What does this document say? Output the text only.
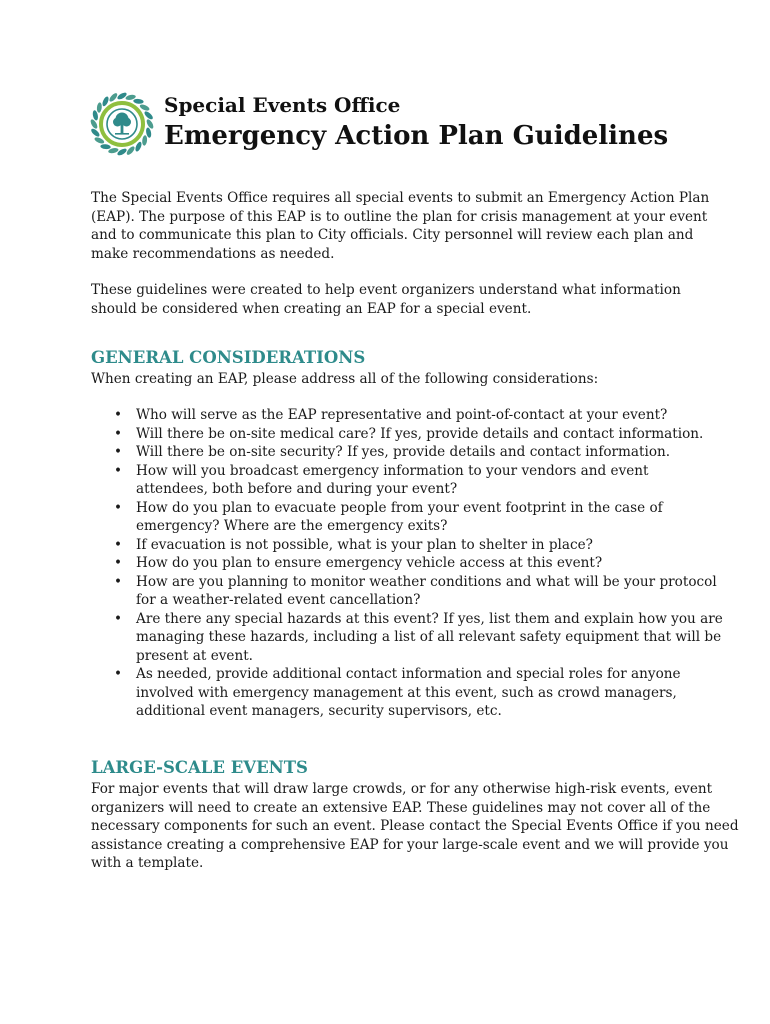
Special Events Office
Emergency Action Plan Guidelines

The Special Events Office requires all special events to submit an Emergency Action Plan
(EAP). The purpose of this EAP is to outline the plan for crisis management at your event
and to communicate this plan to City officials. City personnel will review each plan and
make recommendations as needed.

These guidelines were created to help event organizers understand what information
should be considered when creating an EAP for a special event.

GENERAL CONSIDERATIONS

When creating an EAP, please address all of the following considerations:

• Who will serve as the EAP representative and point-of-contact at your event?
• Will there be on-site medical care? If yes, provide details and contact information.
• Will there be on-site security? If yes, provide details and contact information.
• How will you broadcast emergency information to your vendors and event
attendees, both before and during your event?
• How do you plan to evacuate people from your event footprint in the case of
emergency? Where are the emergency exits?
• If evacuation is not possible, what is your plan to shelter in place?
• How do you plan to ensure emergency vehicle access at this event?
• How are you planning to monitor weather conditions and what will be your protocol
for a weather-related event cancellation?
• Are there any special hazards at this event? If yes, list them and explain how you are
managing these hazards, including a list of all relevant safety equipment that will be
present at event.
• As needed, provide additional contact information and special roles for anyone
involved with emergency management at this event, such as crowd managers,
additional event managers, security supervisors, etc.
LARGE-SCALE EVENTS

For major events that will draw large crowds, or for any otherwise high-risk events, event
organizers will need to create an extensive EAP. These guidelines may not cover all of the
necessary components for such an event. Please contact the Special Events Office if you need
assistance creating a comprehensive EAP for your large-scale event and we will provide you
with a template.
